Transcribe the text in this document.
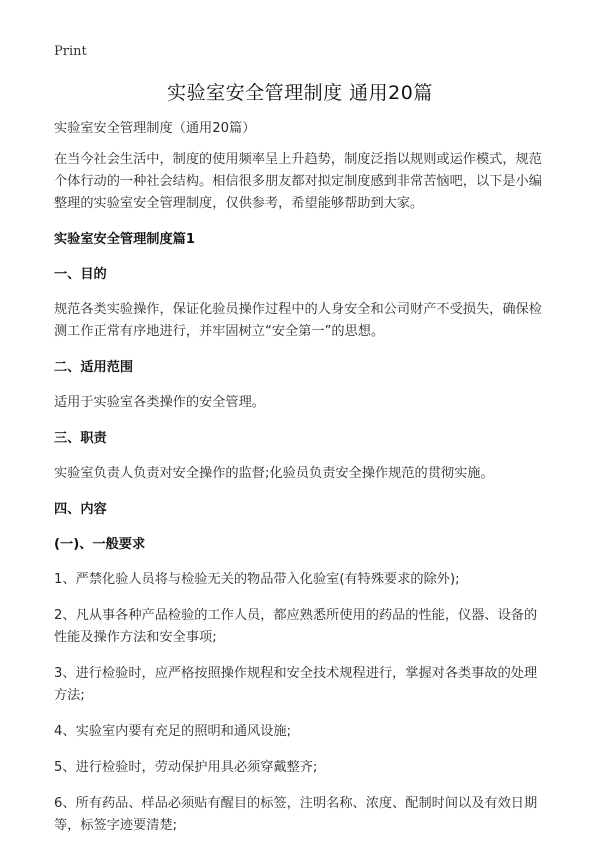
Print
实验室安全管理制度 通用20篇

实验室安全管理制度（通用20篇）

在当今社会生活中，制度的使用频率呈上升趋势，制度泛指以规则或运作模式，规范个体行动的一种社会结构。相信很多朋友都对拟定制度感到非常苦恼吧，以下是小编整理的实验室安全管理制度，仅供参考，希望能够帮助到大家。

实验室安全管理制度篇1
一、目的

规范各类实验操作，保证化验员操作过程中的人身安全和公司财产不受损失，确保检测工作正常有序地进行，并牢固树立“安全第一”的思想。

二、适用范围

适用于实验室各类操作的安全管理。

三、职责

实验室负责人负责对安全操作的监督;化验员负责安全操作规范的贯彻实施。

四、内容
(一)、一般要求

1、严禁化验人员将与检验无关的物品带入化验室(有特殊要求的除外);

2、凡从事各种产品检验的工作人员，都应熟悉所使用的药品的性能，仪器、设备的性能及操作方法和安全事项;

3、进行检验时，应严格按照操作规程和安全技术规程进行，掌握对各类事故的处理方法;

4、实验室内要有充足的照明和通风设施;

5、进行检验时，劳动保护用具必须穿戴整齐;

6、所有药品、样品必须贴有醒目的标签，注明名称、浓度、配制时间以及有效日期等，标签字迹要清楚;
